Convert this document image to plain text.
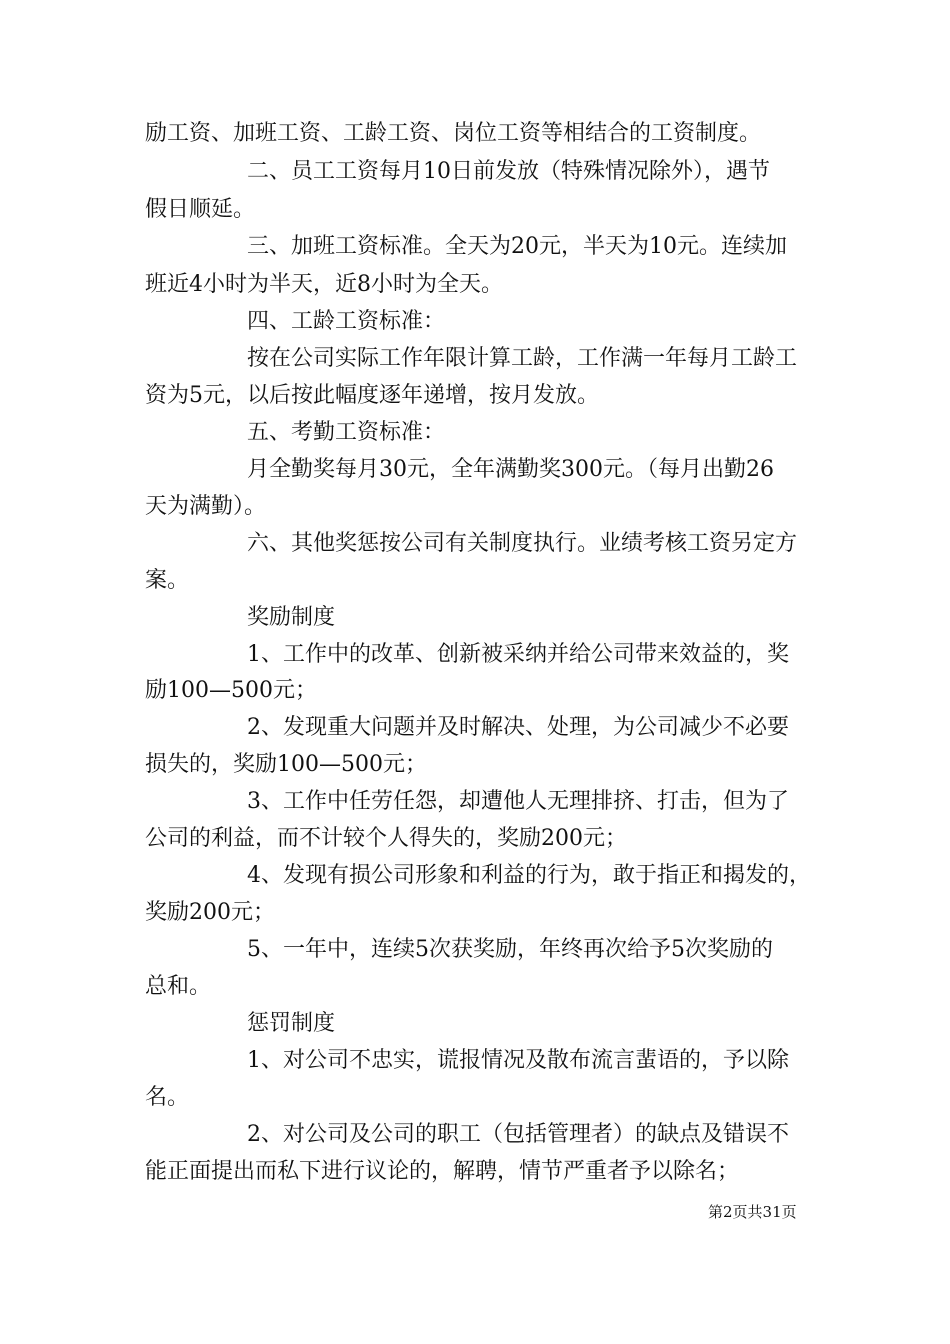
励工资、加班工资、工龄工资、岗位工资等相结合的工资制度。
二、员工工资每月10日前发放（特殊情况除外），遇节
假日顺延。
三、加班工资标准。全天为20元，半天为10元。连续加
班近4小时为半天，近8小时为全天。
四、工龄工资标准：
按在公司实际工作年限计算工龄，工作满一年每月工龄工
资为5元，以后按此幅度逐年递增，按月发放。
五、考勤工资标准：
月全勤奖每月30元，全年满勤奖300元。（每月出勤26
天为满勤）。
六、其他奖惩按公司有关制度执行。业绩考核工资另定方
案。
奖励制度
1、工作中的改革、创新被采纳并给公司带来效益的，奖
励100—500元；
2、发现重大问题并及时解决、处理，为公司减少不必要
损失的，奖励100—500元；
3、工作中任劳任怨，却遭他人无理排挤、打击，但为了
公司的利益，而不计较个人得失的，奖励200元；
4、发现有损公司形象和利益的行为，敢于指正和揭发的，
奖励200元；
5、一年中，连续5次获奖励，年终再次给予5次奖励的
总和。
惩罚制度
1、对公司不忠实，谎报情况及散布流言蜚语的，予以除
名。
2、对公司及公司的职工（包括管理者）的缺点及错误不
能正面提出而私下进行议论的，解聘，情节严重者予以除名；
第2页共31页
